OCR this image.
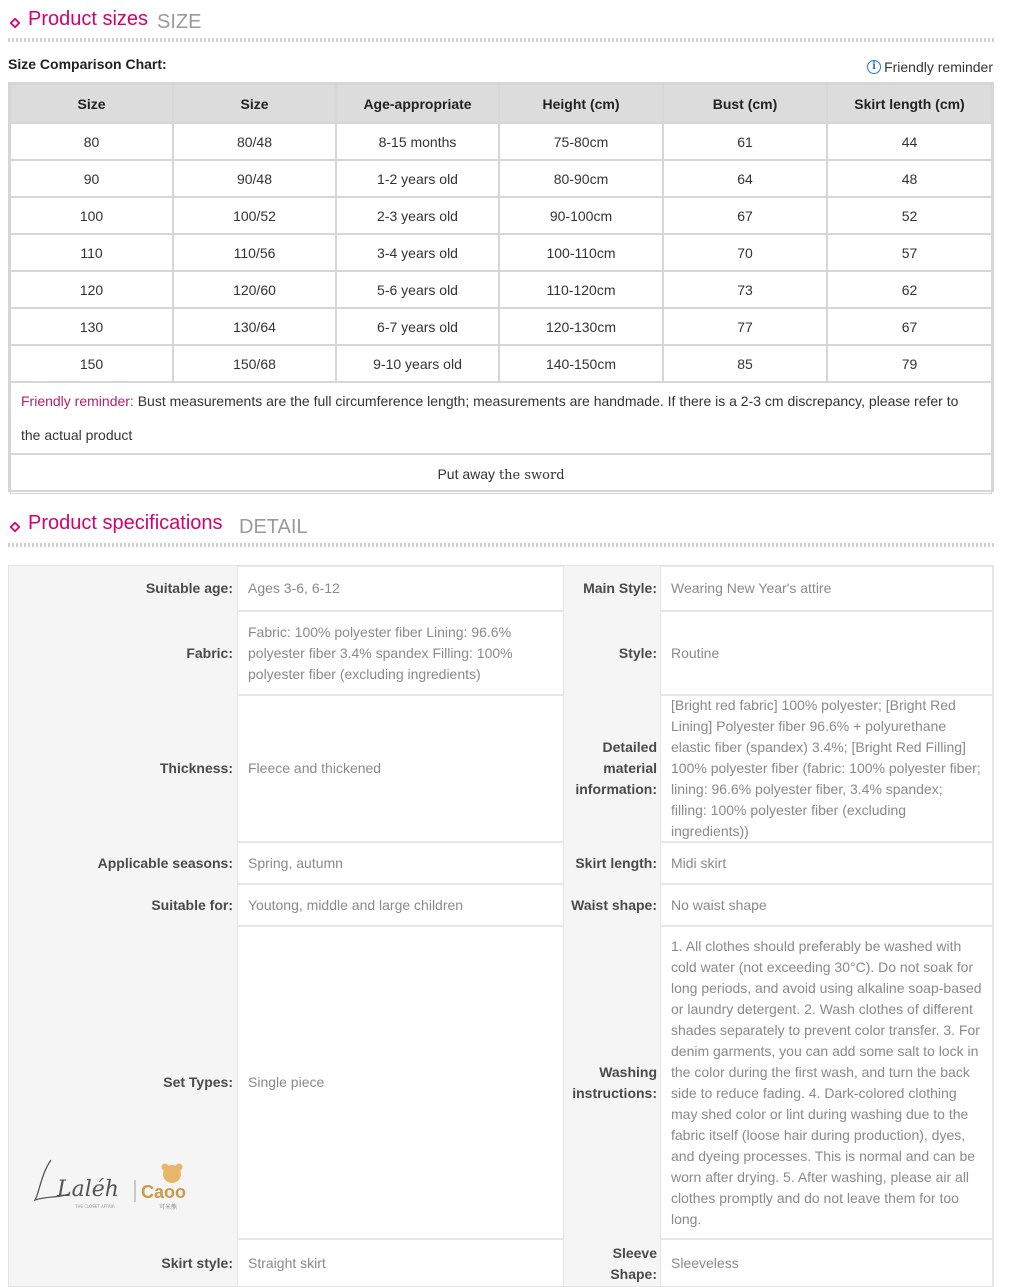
Product sizes SIZE
Size Comparison Chart:	i Friendly reminder
Size	Size	Age-appropriate	Height (cm)	Bust (cm)	Skirt length (cm)
80	80/48	8-15 months	75-80cm	61	44
90	90/48	1-2 years old	80-90cm	64	48
100	100/52	2-3 years old	90-100cm	67	52
110	110/56	3-4 years old	100-110cm	70	57
120	120/60	5-6 years old	110-120cm	73	62
130	130/64	6-7 years old	120-130cm	77	67
150	150/68	9-10 years old	140-150cm	85	79
Friendly reminder: Bust measurements are the full circumference length; measurements are handmade. If there is a 2-3 cm discrepancy, please refer to the actual product					
Put away the sword					
Product specifications DETAIL
Suitable age:	Ages 3-6, 6-12
Fabric:
Fabric: 100% polyester fiber Lining: 96.6% polyester fiber 3.4% spandex Filling: 100% polyester fiber (excluding ingredients)
Thickness:	Fleece and thickened
Applicable seasons:	Spring, autumn
Suitable for:	Youtong, middle and large children
Set Types:	Single piece
Skirt style:	Straight skirt
Main Style:	Wearing New Year's attire
Style:	Routine
Detailed material information:
[Bright red fabric] 100% polyester; [Bright Red Lining] Polyester fiber 96.6% + polyurethane elastic fiber (spandex) 3.4%; [Bright Red Filling] 100% polyester fiber (fabric: 100% polyester fiber; lining: 96.6% polyester fiber, 3.4% spandex; filling: 100% polyester fiber (excluding ingredients))
Skirt length:	Midi skirt
Waist shape:	No waist shape
Washing instructions:
1. All clothes should preferably be washed with cold water (not exceeding 30°C). Do not soak for long periods, and avoid using alkaline soap-based or laundry detergent. 2. Wash clothes of different shades separately to prevent color transfer. 3. For denim garments, you can add some salt to lock in the color during the first wash, and turn the back side to reduce fading. 4. Dark-colored clothing may shed color or lint during washing due to the fabric itself (loose hair during production), dyes, and dyeing processes. This is normal and can be worn after drying. 5. After washing, please air all clothes promptly and do not leave them for too long.
Sleeve Shape:
Sleeveless
Laléh
THE CLOSET AFFAIR
Caoo
可米熊
